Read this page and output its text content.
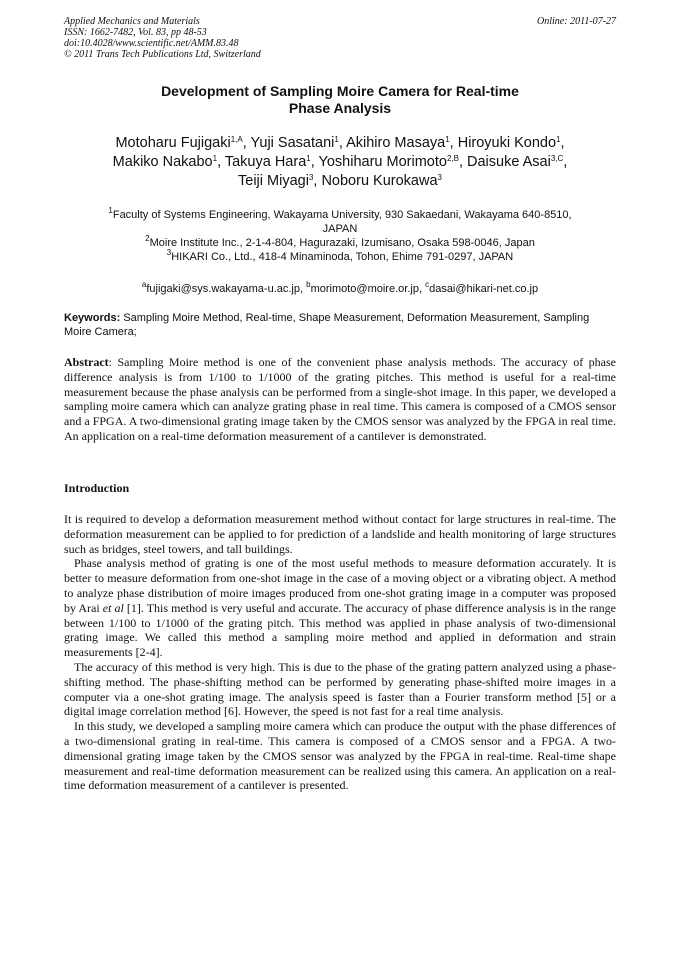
Applied Mechanics and Materials
ISSN: 1662-7482, Vol. 83, pp 48-53
doi:10.4028/www.scientific.net/AMM.83.48
© 2011 Trans Tech Publications Ltd, Switzerland
Online: 2011-07-27
Development of Sampling Moire Camera for Real-time
Phase Analysis
Motoharu Fujigaki$^{1,A}$, Yuji Sasatani$^1$, Akihiro Masaya$^1$, Hiroyuki Kondo$^1$,
Makiko Nakabo$^1$, Takuya Hara$^1$, Yoshiharu Morimoto$^{2,B}$, Daisuke Asai$^{3,C}$,
Teiji Miyagi$^3$, Noboru Kurokawa$^3$
$^1$Faculty of Systems Engineering, Wakayama University, 930 Sakaedani, Wakayama 640-8510,
JAPAN
$^2$Moire Institute Inc., 2-1-4-804, Hagurazaki, Izumisano, Osaka 598-0046, Japan
$^3$HIKARI Co., Ltd., 418-4 Minaminoda, Tohon, Ehime 791-0297, JAPAN
$^a$fujigaki@sys.wakayama-u.ac.jp, $^b$morimoto@moire.or.jp, $^c$dasai@hikari-net.co.jp
Keywords: Sampling Moire Method, Real-time, Shape Measurement, Deformation Measurement, Sampling Moire Camera;
Abstract: Sampling Moire method is one of the convenient phase analysis methods. The accuracy of phase difference analysis is from 1/100 to 1/1000 of the grating pitches. This method is useful for a real-time measurement because the phase analysis can be performed from a single-shot image. In this paper, we developed a sampling moire camera which can analyze grating phase in real time. This camera is composed of a CMOS sensor and a FPGA. A two-dimensional grating image taken by the CMOS sensor was analyzed by the FPGA in real time. An application on a real-time deformation measurement of a cantilever is demonstrated.
Introduction

It is required to develop a deformation measurement method without contact for large structures in real-time. The deformation measurement can be applied to for prediction of a landslide and health monitoring of large structures such as bridges, steel towers, and tall buildings.

Phase analysis method of grating is one of the most useful methods to measure deformation accurately. It is better to measure deformation from one-shot image in the case of a moving object or a vibrating object. A method to analyze phase distribution of moire images produced from one-shot grating image in a computer was proposed by Arai et al [1]. This method is very useful and accurate. The accuracy of phase difference analysis is in the range between 1/100 to 1/1000 of the grating pitch. This method was applied in phase analysis of two-dimensional grating image. We called this method a sampling moire method and applied in deformation and strain measurements [2-4].

The accuracy of this method is very high. This is due to the phase of the grating pattern analyzed using a phase-shifting method. The phase-shifting method can be performed by generating phase-shifted moire images in a computer via a one-shot grating image. The analysis speed is faster than a Fourier transform method [5] or a digital image correlation method [6]. However, the speed is not fast for a real time analysis.

In this study, we developed a sampling moire camera which can produce the output with the phase differences of a two-dimensional grating in real-time. This camera is composed of a CMOS sensor and a FPGA. A two-dimensional grating image taken by the CMOS sensor was analyzed by the FPGA in real-time. Real-time shape measurement and real-time deformation measurement can be realized using this camera. An application on a real-time deformation measurement of a cantilever is presented.
